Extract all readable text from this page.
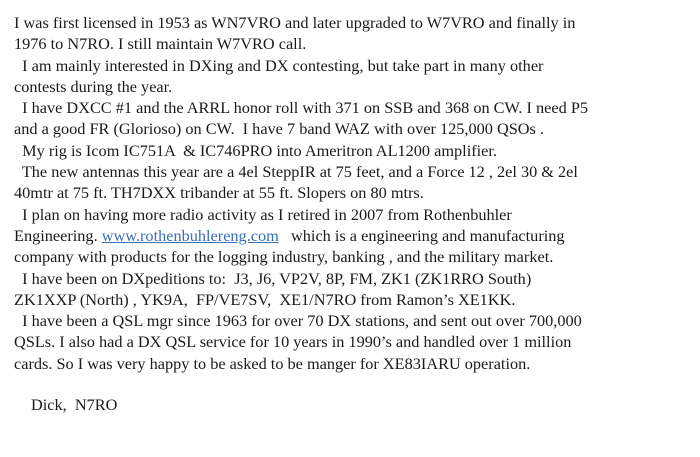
I was first licensed in 1953 as WN7VRO and later upgraded to W7VRO and finally in
1976 to N7RO. I still maintain W7VRO call.
I am mainly interested in DXing and DX contesting, but take part in many other
contests during the year.
I have DXCC #1 and the ARRL honor roll with 371 on SSB and 368 on CW. I need P5
and a good FR (Glorioso) on CW.  I have 7 band WAZ with over 125,000 QSOs .
My rig is Icom IC751A  & IC746PRO into Ameritron AL1200 amplifier.
The new antennas this year are a 4el SteppIR at 75 feet, and a Force 12 , 2el 30 & 2el
40mtr at 75 ft. TH7DXX tribander at 55 ft. Slopers on 80 mtrs.
I plan on having more radio activity as I retired in 2007 from Rothenbuhler
Engineering. www.rothenbuhlereng.com   which is a engineering and manufacturing
company with products for the logging industry, banking , and the military market.
I have been on DXpeditions to:  J3, J6, VP2V, 8P, FM, ZK1 (ZK1RRO South)
ZK1XXP (North) , YK9A,  FP/VE7SV,  XE1/N7RO from Ramon’s XE1KK.
I have been a QSL mgr since 1963 for over 70 DX stations, and sent out over 700,000
QSLs. I also had a DX QSL service for 10 years in 1990’s and handled over 1 million
cards. So I was very happy to be asked to be manger for XE83IARU operation.
Dick,  N7RO
